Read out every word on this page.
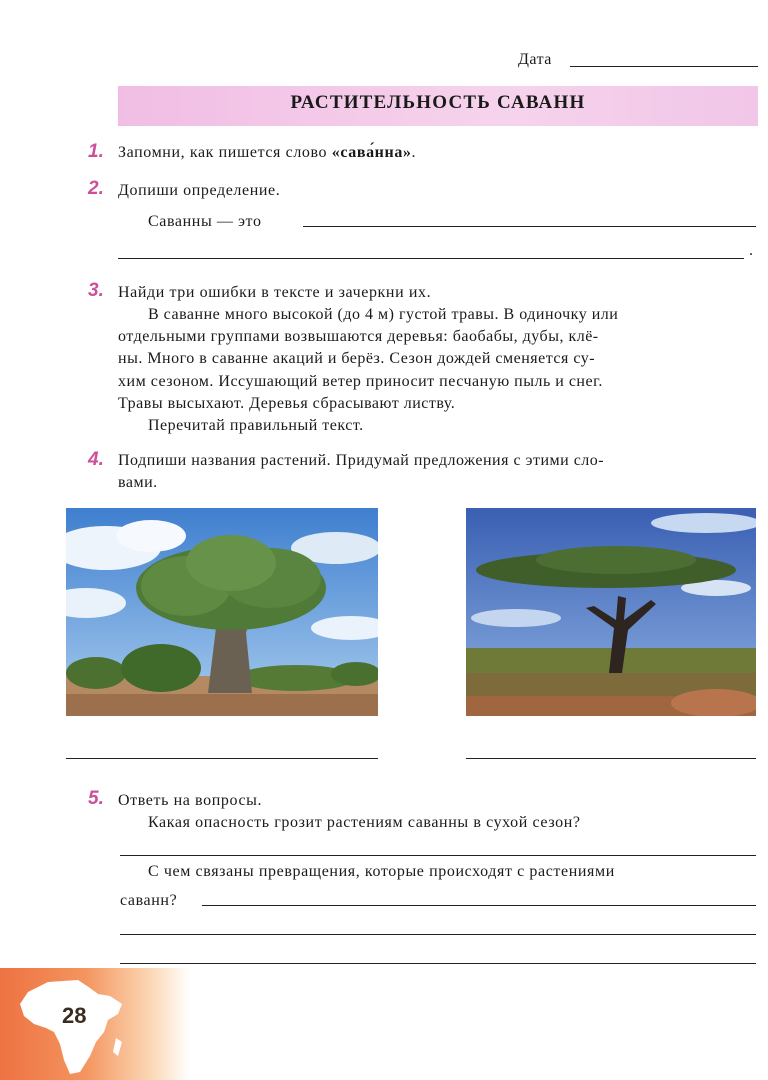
Дата
РАСТИТЕЛЬНОСТЬ САВАНН
1. Запомни, как пишется слово «сава́нна».
2. Допиши определение.
Саванны — это
.
3. Найди три ошибки в тексте и зачеркни их.
В саванне много высокой (до 4 м) густой травы. В одиночку или
отдельными группами возвышаются деревья: баобабы, дубы, клё-
ны. Много в саванне акаций и берёз. Сезон дождей сменяется су-
хим сезоном. Иссушающий ветер приносит песчаную пыль и снег.
Травы высыхают. Деревья сбрасывают листву.
Перечитай правильный текст.
4. Подпиши названия растений. Придумай предложения с этими сло-
вами.
5. Ответь на вопросы.
Какая опасность грозит растениям саванны в сухой сезон?
С чем связаны превращения, которые происходят с растениями
саванн?
28
